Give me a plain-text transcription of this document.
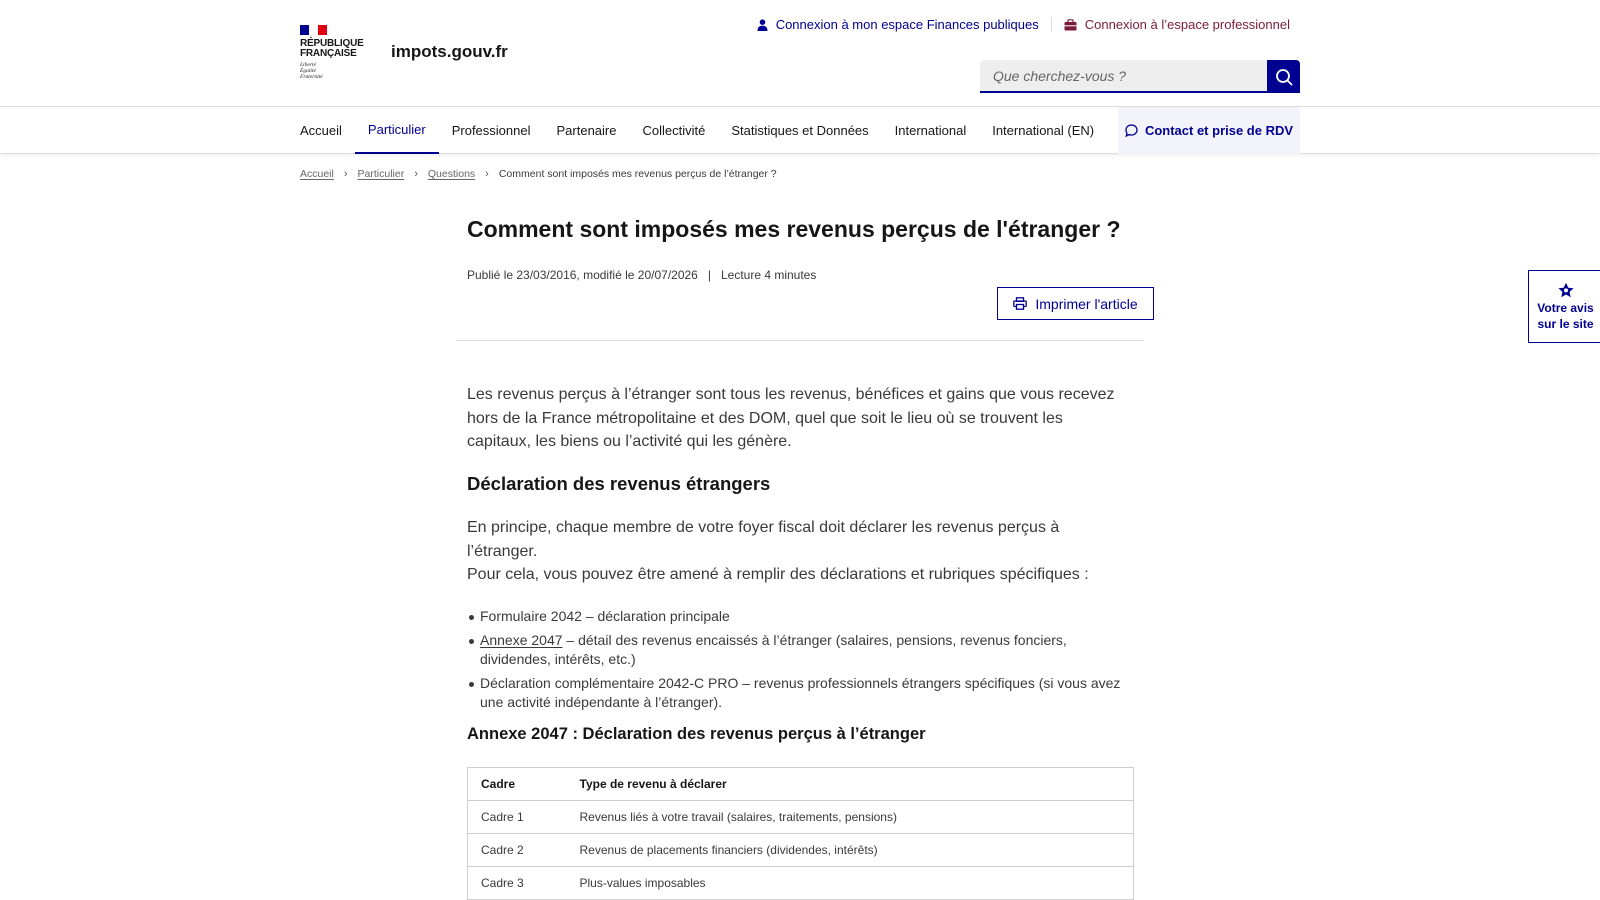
RÉPUBLIQUE
FRANÇAISE
Liberté
Égalité
Fraternité
impots.gouv.fr
Connexion à mon espace Finances publiques	Connexion à l’espace professionnel
Que cherchez-vous ?
Accueil	Particulier	Professionnel	Partenaire	Collectivité	Statistiques et Données	International	International (EN)	Contact et prise de RDV
Accueil › Particulier › Questions › Comment sont imposés mes revenus perçus de l’étranger ?
Comment sont imposés mes revenus perçus de l'étranger ?
Publié le 23/03/2016, modifié le 20/07/2026 | Lecture 4 minutes
Imprimer l'article

Les revenus perçus à l’étranger sont tous les revenus, bénéfices et gains que vous recevez hors de la France métropolitaine et des DOM, quel que soit le lieu où se trouvent les capitaux, les biens ou l’activité qui les génère.

Déclaration des revenus étrangers

En principe, chaque membre de votre foyer fiscal doit déclarer les revenus perçus à l’étranger.

Pour cela, vous pouvez être amené à remplir des déclarations et rubriques spécifiques :

Formulaire 2042 – déclaration principale
Annexe 2047 – détail des revenus encaissés à l’étranger (salaires, pensions, revenus fonciers, dividendes, intérêts, etc.)
Déclaration complémentaire 2042-C PRO – revenus professionnels étrangers spécifiques (si vous avez une activité indépendante à l’étranger).
Annexe 2047 : Déclaration des revenus perçus à l’étranger
Cadre	Type de revenu à déclarer
Cadre 1	Revenus liés à votre travail (salaires, traitements, pensions)
Cadre 2	Revenus de placements financiers (dividendes, intérêts)
Cadre 3	Plus-values imposables
Votre avis
sur le site
